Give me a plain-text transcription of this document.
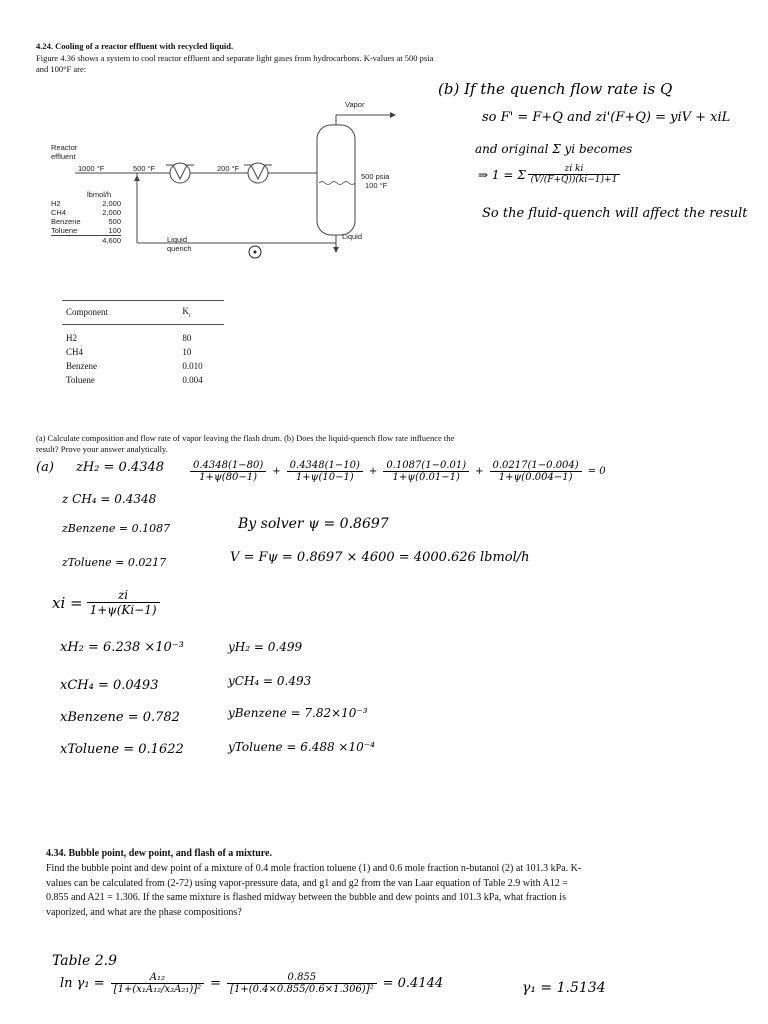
4.24. Cooling of a reactor effluent with recycled liquid.
Figure 4.36 shows a system to cool reactor effluent and separate light gases from hydrocarbons. K-values at 500 psia and 100°F are:
Vapor
Reactor effluent
1000 °F	500 °F	200 °F
500 psia
100 °F
lbmol/h
H2	2,000
CH4	2,000
Benzene	500
Toluene	100
4,600	Liquid quench
Liquid
Component	$K_i$
H2	80
CH4	10
Benzene	0.010
Toluene	0.004
(b) If the quench flow rate is Q
so F' = F+Q and zi'(F+Q) = yiV + xiL
and original Σ yi becomes
⇒ 1 = Σ $\frac{\text{zi ki}}{(V/(F+Q))(ki-1)+1}$
So the fluid-quench will affect the result
(a) Calculate composition and flow rate of vapor leaving the flash drum. (b) Does the liquid-quench flow rate influence the result? Prove your answer analytically.
(a) zH₂ = 0.4348
z CH₄ = 0.4348
zBenzene = 0.1087
zToluene = 0.0217
$\frac{0.4348(1-80)}{1+\psi(80-1)} + \frac{0.4348(1-10)}{1+\psi(10-1)} + \frac{0.1087(1-0.01)}{1+\psi(0.01-1)} + \frac{0.0217(1-0.004)}{1+\psi(0.004-1)} = 0$
By solver ψ = 0.8697
V = Fψ = 0.8697 × 4600 = 4000.626 lbmol/h
xi = $\frac{zi}{1+\psi(Ki-1)}$
xH₂ = 6.238 ×10⁻³
xCH₄ = 0.0493
xBenzene = 0.782
xToluene = 0.1622
yH₂ = 0.499
yCH₄ = 0.493
yBenzene = 7.82×10⁻³
yToluene = 6.488 ×10⁻⁴
4.34. Bubble point, dew point, and flash of a mixture.
Find the bubble point and dew point of a mixture of 0.4 mole fraction toluene (1) and 0.6 mole fraction n-butanol (2) at 101.3 kPa. K-values can be calculated from (2-72) using vapor-pressure data, and g1 and g2 from the van Laar equation of Table 2.9 with A12 = 0.855 and A21 = 1.306. If the same mixture is flashed midway between the bubble and dew points and 101.3 kPa, what fraction is vaporized, and what are the phase compositions?
Table 2.9
$\ln \gamma_1 = \frac{\text{A₁₂}}{\text{[1+(x₁A₁₂/x₂A₂₁)]²}} = \frac{0.855}{\text{[1+(0.4×0.855/0.6×1.306)]²}} = 0.4144$	γ₁ = 1.5134
